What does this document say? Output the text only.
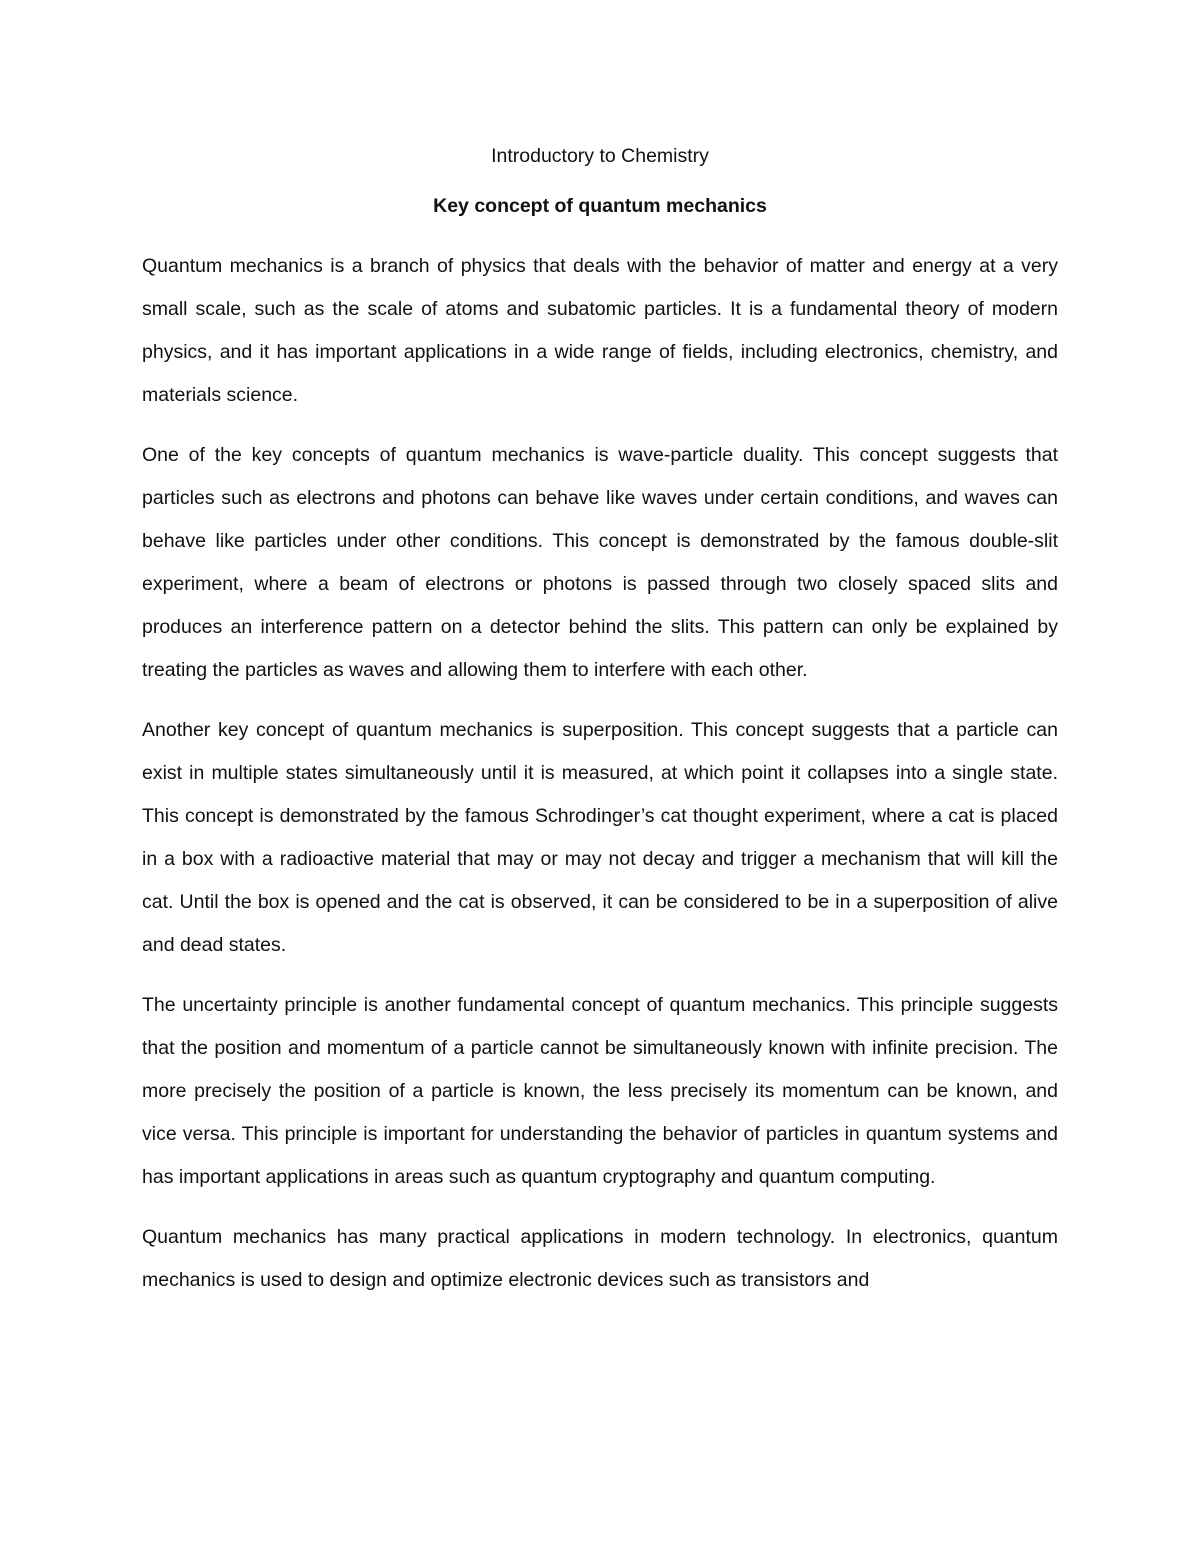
Introductory to Chemistry
Key concept of quantum mechanics

Quantum mechanics is a branch of physics that deals with the behavior of matter and energy at a very small scale, such as the scale of atoms and subatomic particles. It is a fundamental theory of modern physics, and it has important applications in a wide range of fields, including electronics, chemistry, and materials science.

One of the key concepts of quantum mechanics is wave-particle duality. This concept suggests that particles such as electrons and photons can behave like waves under certain conditions, and waves can behave like particles under other conditions. This concept is demonstrated by the famous double-slit experiment, where a beam of electrons or photons is passed through two closely spaced slits and produces an interference pattern on a detector behind the slits. This pattern can only be explained by treating the particles as waves and allowing them to interfere with each other.

Another key concept of quantum mechanics is superposition. This concept suggests that a particle can exist in multiple states simultaneously until it is measured, at which point it collapses into a single state. This concept is demonstrated by the famous Schrodinger’s cat thought experiment, where a cat is placed in a box with a radioactive material that may or may not decay and trigger a mechanism that will kill the cat. Until the box is opened and the cat is observed, it can be considered to be in a superposition of alive and dead states.

The uncertainty principle is another fundamental concept of quantum mechanics. This principle suggests that the position and momentum of a particle cannot be simultaneously known with infinite precision. The more precisely the position of a particle is known, the less precisely its momentum can be known, and vice versa. This principle is important for understanding the behavior of particles in quantum systems and has important applications in areas such as quantum cryptography and quantum computing.

Quantum mechanics has many practical applications in modern technology. In electronics, quantum mechanics is used to design and optimize electronic devices such as transistors and
